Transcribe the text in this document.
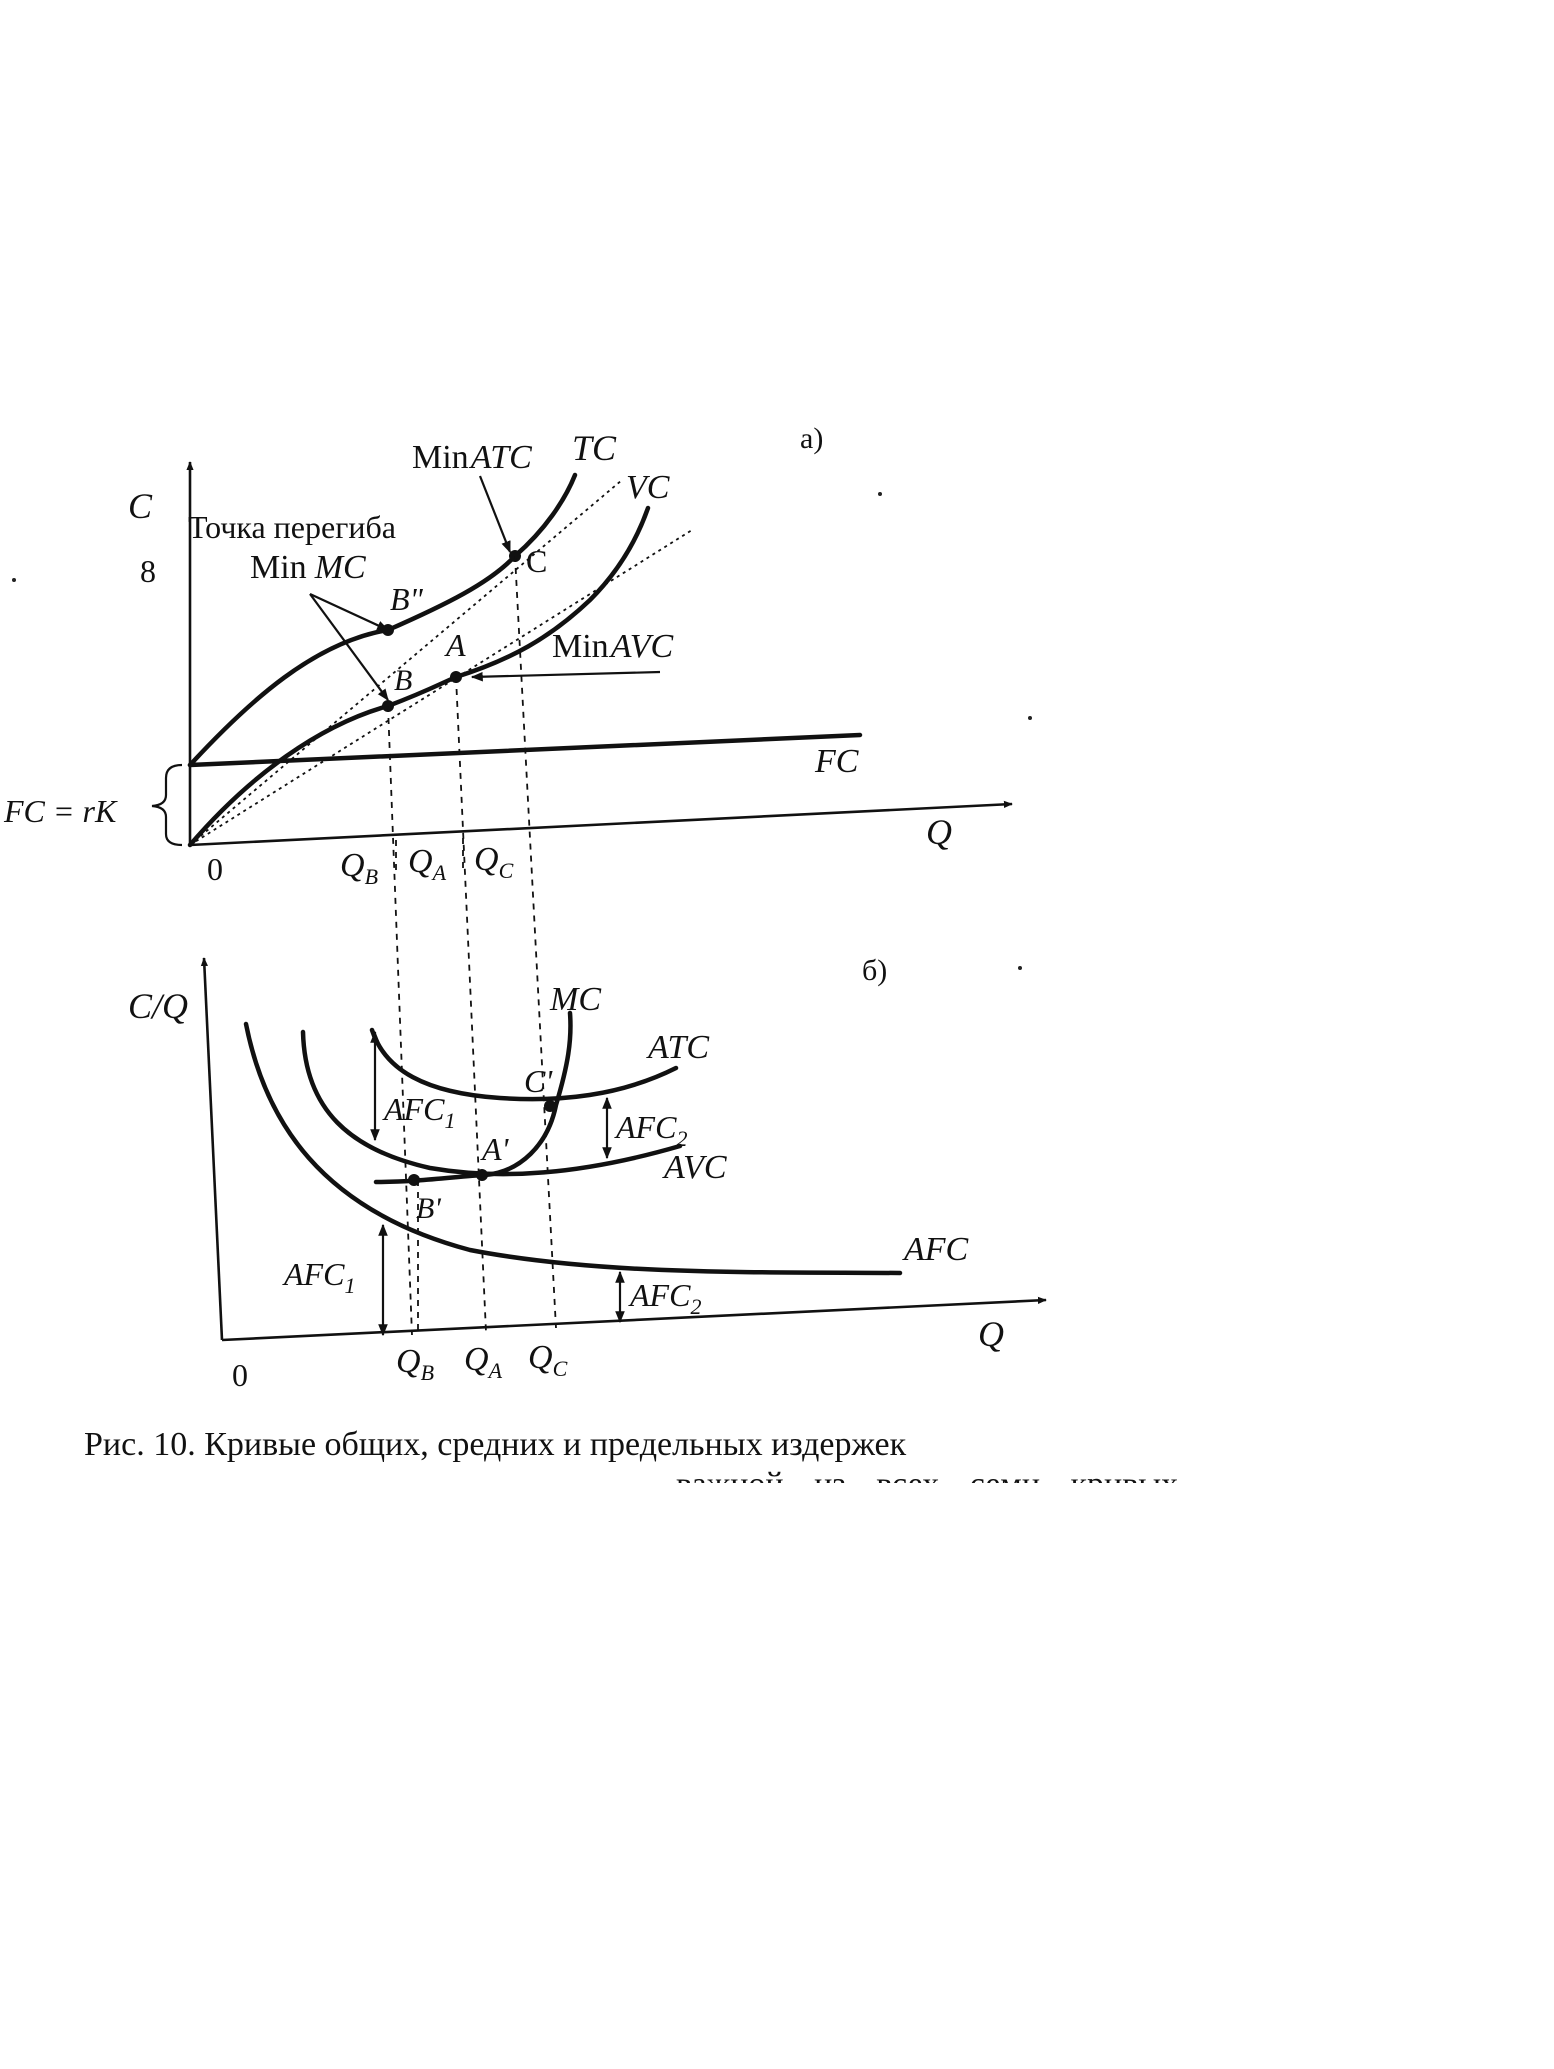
а)
C
8
0
Q
Точка перегиба
Min MC
MinATC
MinAVC
TC
VC
FC
FC = rK
B"
B
A
C
$Q_B$ $Q_A$ $Q_C$
б)
C/Q
0
Q
MC
ATC
AVC
AFC
C'
A'
B'
$AFC_1$	$AFC_2$
$AFC_1$	$AFC_2$
$Q_B$ $Q_A$ $Q_C$
Рис. 10. Кривые общих, средних и предельных издержек
